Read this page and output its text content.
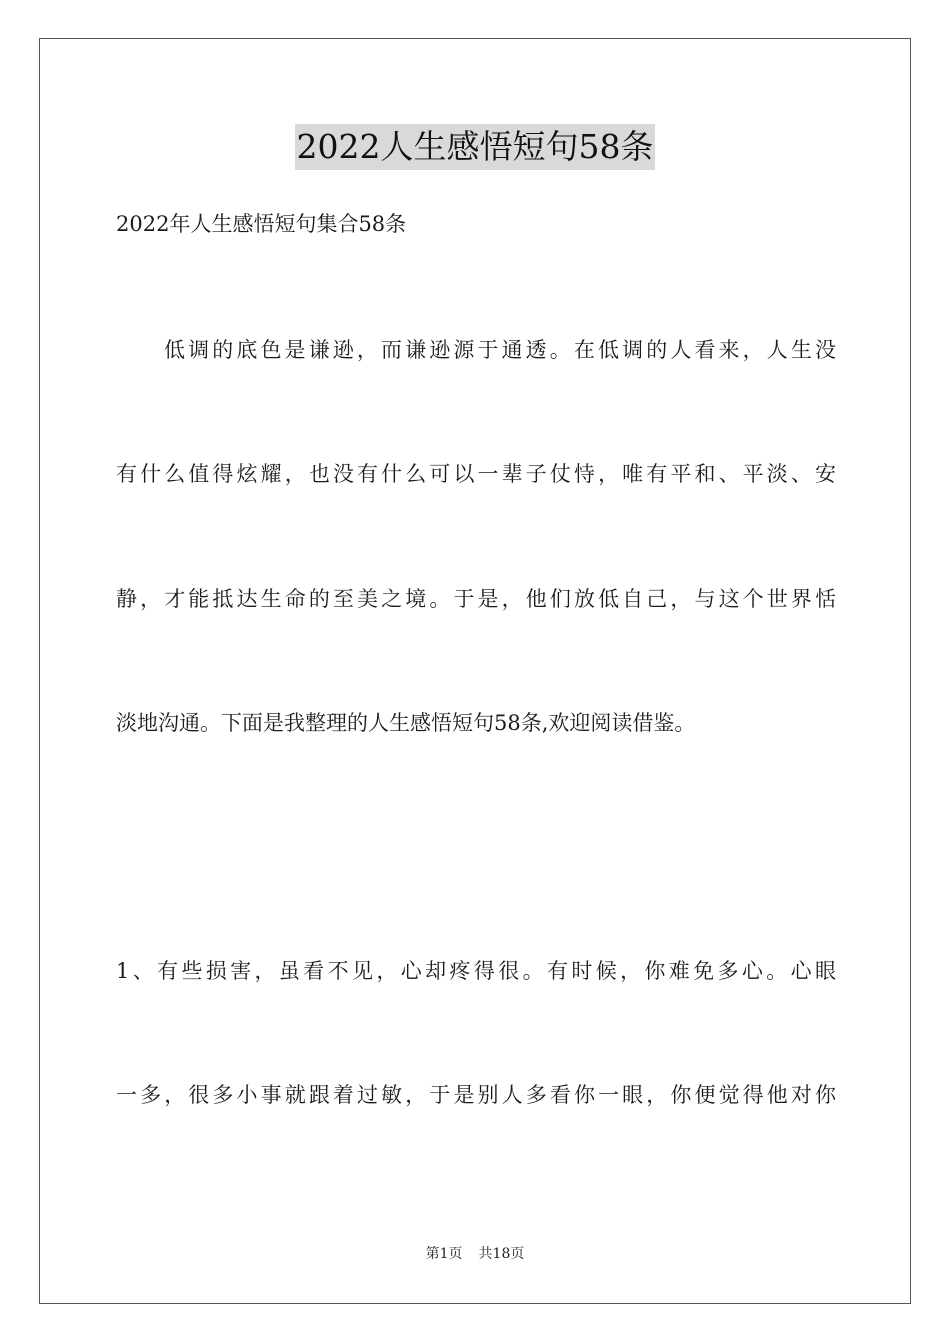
2022人生感悟短句58条
2022年人生感悟短句集合58条
低调的底色是谦逊，而谦逊源于通透。在低调的人看来，人生没
有什么值得炫耀，也没有什么可以一辈子仗恃，唯有平和、平淡、安
静，才能抵达生命的至美之境。于是，他们放低自己，与这个世界恬
淡地沟通。下面是我整理的人生感悟短句58条,欢迎阅读借鉴。
1、有些损害，虽看不见，心却疼得很。有时候，你难免多心。心眼
一多，很多小事就跟着过敏，于是别人多看你一眼，你便觉得他对你
第1页 共18页
